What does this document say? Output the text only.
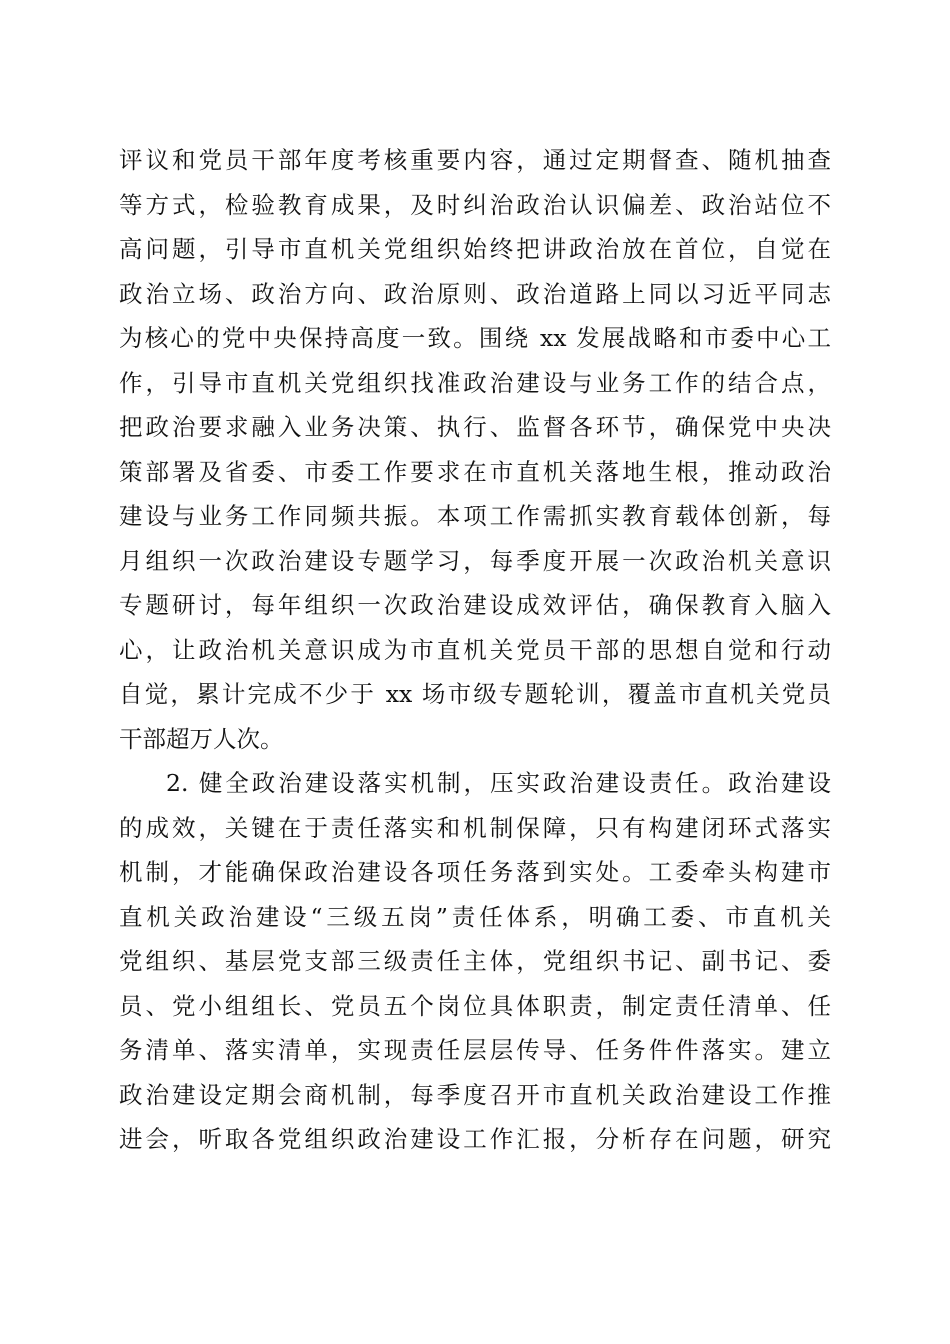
评议和党员干部年度考核重要内容，通过定期督查、随机抽查
等方式，检验教育成果，及时纠治政治认识偏差、政治站位不
高问题，引导市直机关党组织始终把讲政治放在首位，自觉在
政治立场、政治方向、政治原则、政治道路上同以习近平同志
为核心的党中央保持高度一致。围绕 xx 发展战略和市委中心工
作，引导市直机关党组织找准政治建设与业务工作的结合点，
把政治要求融入业务决策、执行、监督各环节，确保党中央决
策部署及省委、市委工作要求在市直机关落地生根，推动政治
建设与业务工作同频共振。本项工作需抓实教育载体创新，每
月组织一次政治建设专题学习，每季度开展一次政治机关意识
专题研讨，每年组织一次政治建设成效评估，确保教育入脑入
心，让政治机关意识成为市直机关党员干部的思想自觉和行动
自觉，累计完成不少于 xx 场市级专题轮训，覆盖市直机关党员
干部超万人次。
2. 健全政治建设落实机制，压实政治建设责任。政治建设
的成效，关键在于责任落实和机制保障，只有构建闭环式落实
机制，才能确保政治建设各项任务落到实处。工委牵头构建市
直机关政治建设“三级五岗”责任体系，明确工委、市直机关
党组织、基层党支部三级责任主体，党组织书记、副书记、委
员、党小组组长、党员五个岗位具体职责，制定责任清单、任
务清单、落实清单，实现责任层层传导、任务件件落实。建立
政治建设定期会商机制，每季度召开市直机关政治建设工作推
进会，听取各党组织政治建设工作汇报，分析存在问题，研究
